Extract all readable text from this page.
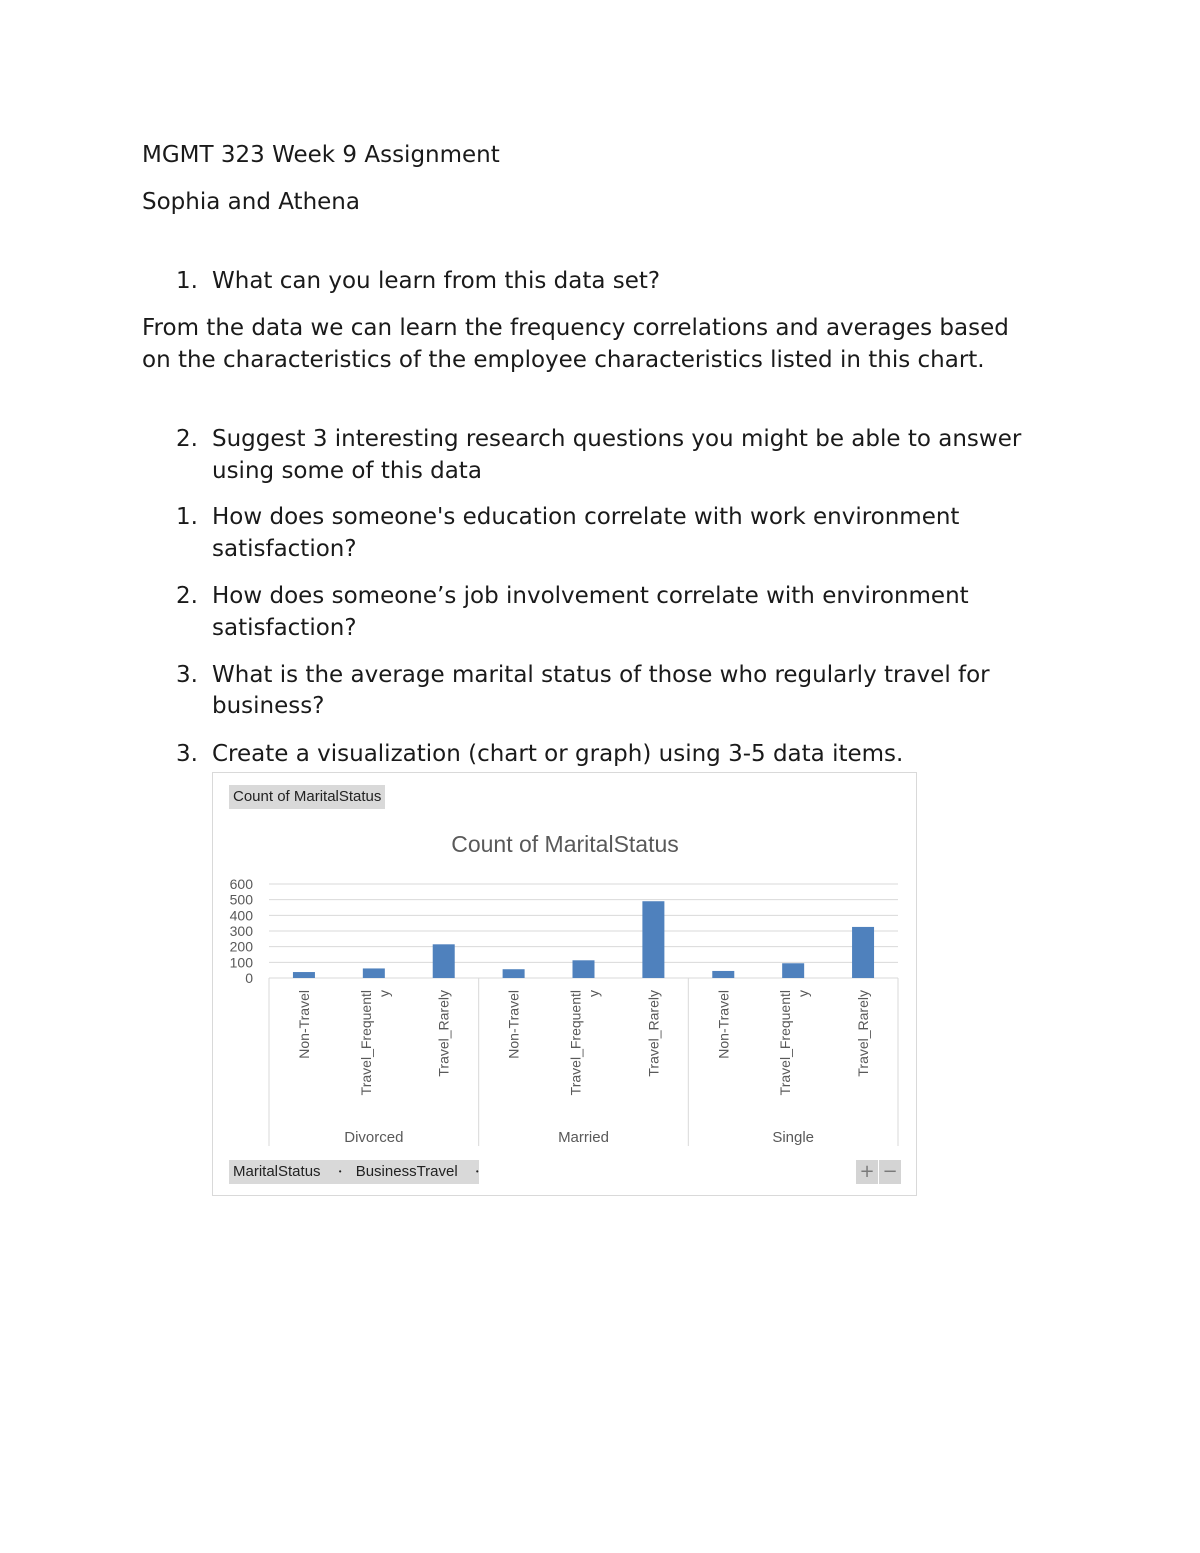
MGMT 323 Week 9 Assignment

Sophia and Athena

1. What can you learn from this data set?

From the data we can learn the frequency correlations and averages based

on the characteristics of the employee characteristics listed in this chart.

2. Suggest 3 interesting research questions you might be able to answer

using some of this data

1. How does someone's education correlate with work environment

satisfaction?

2. How does someone’s job involvement correlate with environment

satisfaction?

3. What is the average marital status of those who regularly travel for

business?

3. Create a visualization (chart or graph) using 3-5 data items.

Count of MaritalStatus
Count of MaritalStatus
0
100
200
300
400
500
600
Non-Travel	Travel_Frequentl y	Travel_Rarely
Divorced
Non-Travel	Travel_Frequentl y	Travel_Rarely
Married
Non-Travel	Travel_Frequentl y	Travel_Rarely
Single
MaritalStatus • BusinessTravel •	+ −
